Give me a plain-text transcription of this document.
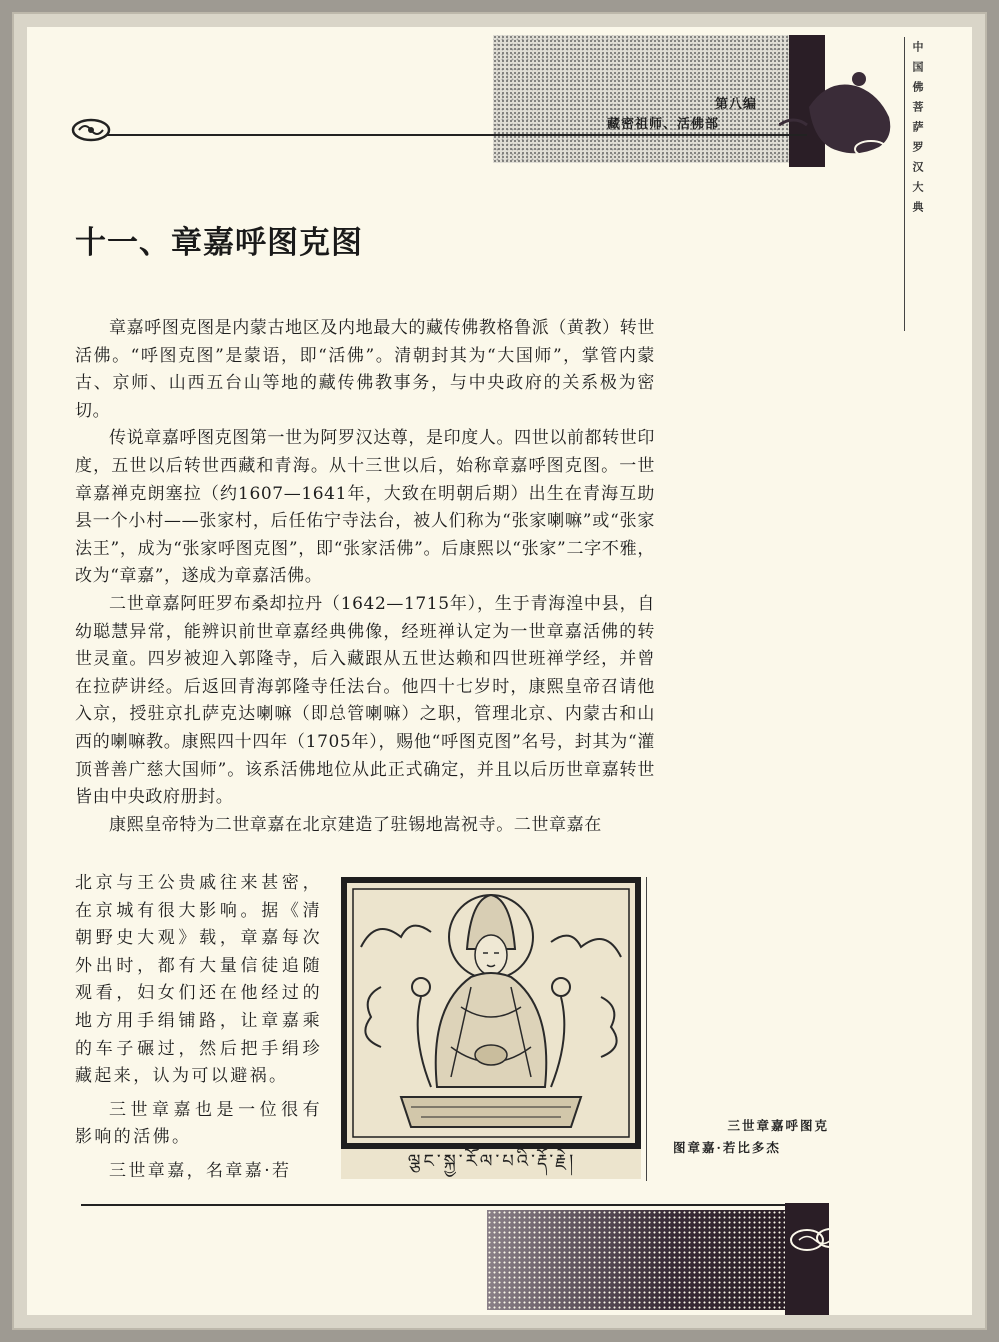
第八编
藏密祖师、活佛部	中国佛菩萨罗汉大典
十一、章嘉呼图克图

章嘉呼图克图是内蒙古地区及内地最大的藏传佛教格鲁派（黄教）转世活佛。“呼图克图”是蒙语，即“活佛”。清朝封其为“大国师”，掌管内蒙古、京师、山西五台山等地的藏传佛教事务，与中央政府的关系极为密切。

传说章嘉呼图克图第一世为阿罗汉达尊，是印度人。四世以前都转世印度，五世以后转世西藏和青海。从十三世以后，始称章嘉呼图克图。一世章嘉禅克朗塞拉（约1607—1641年，大致在明朝后期）出生在青海互助县一个小村——张家村，后任佑宁寺法台，被人们称为“张家喇嘛”或“张家法王”，成为“张家呼图克图”，即“张家活佛”。后康熙以“张家”二字不雅，改为“章嘉”，遂成为章嘉活佛。

二世章嘉阿旺罗布桑却拉丹（1642—1715年），生于青海湟中县，自幼聪慧异常，能辨识前世章嘉经典佛像，经班禅认定为一世章嘉活佛的转世灵童。四岁被迎入郭隆寺，后入藏跟从五世达赖和四世班禅学经，并曾在拉萨讲经。后返回青海郭隆寺任法台。他四十七岁时，康熙皇帝召请他入京，授驻京扎萨克达喇嘛（即总管喇嘛）之职，管理北京、内蒙古和山西的喇嘛教。康熙四十四年（1705年），赐他“呼图克图”名号，封其为“灌顶普善广慈大国师”。该系活佛地位从此正式确定，并且以后历世章嘉转世皆由中央政府册封。

康熙皇帝特为二世章嘉在北京建造了驻锡地嵩祝寺。二世章嘉在

北京与王公贵戚往来甚密，在京城有很大影响。据《清朝野史大观》载，章嘉每次外出时，都有大量信徒追随观看，妇女们还在他经过的地方用手绢铺路，让章嘉乘的车子碾过，然后把手绢珍藏起来，认为可以避祸。

三世章嘉也是一位很有影响的活佛。

三世章嘉，名章嘉·若	ལྕང་སྐྱ་རོལ་པའི་རྡོ་རྗེ།
三世章嘉呼图克
图章嘉·若比多杰
